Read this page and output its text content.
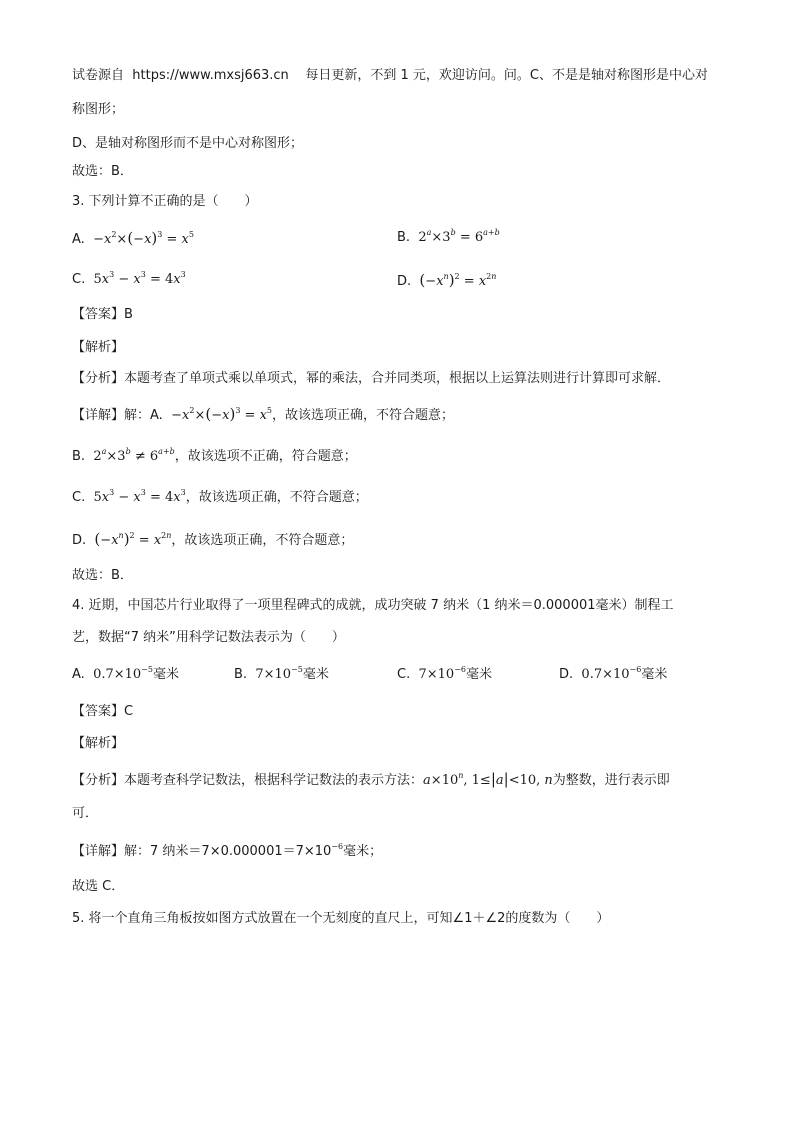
试卷源自 https://www.mxsj663.cn 每日更新，不到 1 元，欢迎访问。问。C、不是是轴对称图形是中心对
称图形；
D、是轴对称图形而不是中心对称图形；
故选：B．
3. 下列计算不正确的是（　　）
A. $-x^2\times(-x)^3 = x^5$	B. $2^a\times 3^b = 6^{a+b}$
C. $5x^3 - x^3 = 4x^3$	D. $(-x^n)^2 = x^{2n}$
【答案】B
【解析】
【分析】本题考查了单项式乘以单项式，幂的乘法，合并同类项，根据以上运算法则进行计算即可求解．
【详解】解：A. $-x^2\times(-x)^3 = x^5$，故该选项正确，不符合题意；
B. $2^a\times 3^b \ne 6^{a+b}$，故该选项不正确，符合题意；
C. $5x^3 - x^3 = 4x^3$，故该选项正确，不符合题意；
D. $(-x^n)^2 = x^{2n}$，故该选项正确，不符合题意；
故选：B．
4. 近期，中国芯片行业取得了一项里程碑式的成就，成功突破 7 纳米（1 纳米＝0.000001毫米）制程工
艺，数据“7 纳米”用科学记数法表示为（　　）
A. $0.7\times 10^{-5}$毫米	B. $7\times 10^{-5}$毫米	C. $7\times 10^{-6}$毫米	D. $0.7\times 10^{-6}$毫米
【答案】C
【解析】
【分析】本题考查科学记数法，根据科学记数法的表示方法：$a\times 10^n$, 1≤|a|<10, n为整数，进行表示即
可．
【详解】解：7 纳米$=7\times 0.000001=7\times 10^{-6}$毫米；
故选 C．
5. 将一个直角三角板按如图方式放置在一个无刻度的直尺上，可知∠1＋∠2的度数为（　　）
